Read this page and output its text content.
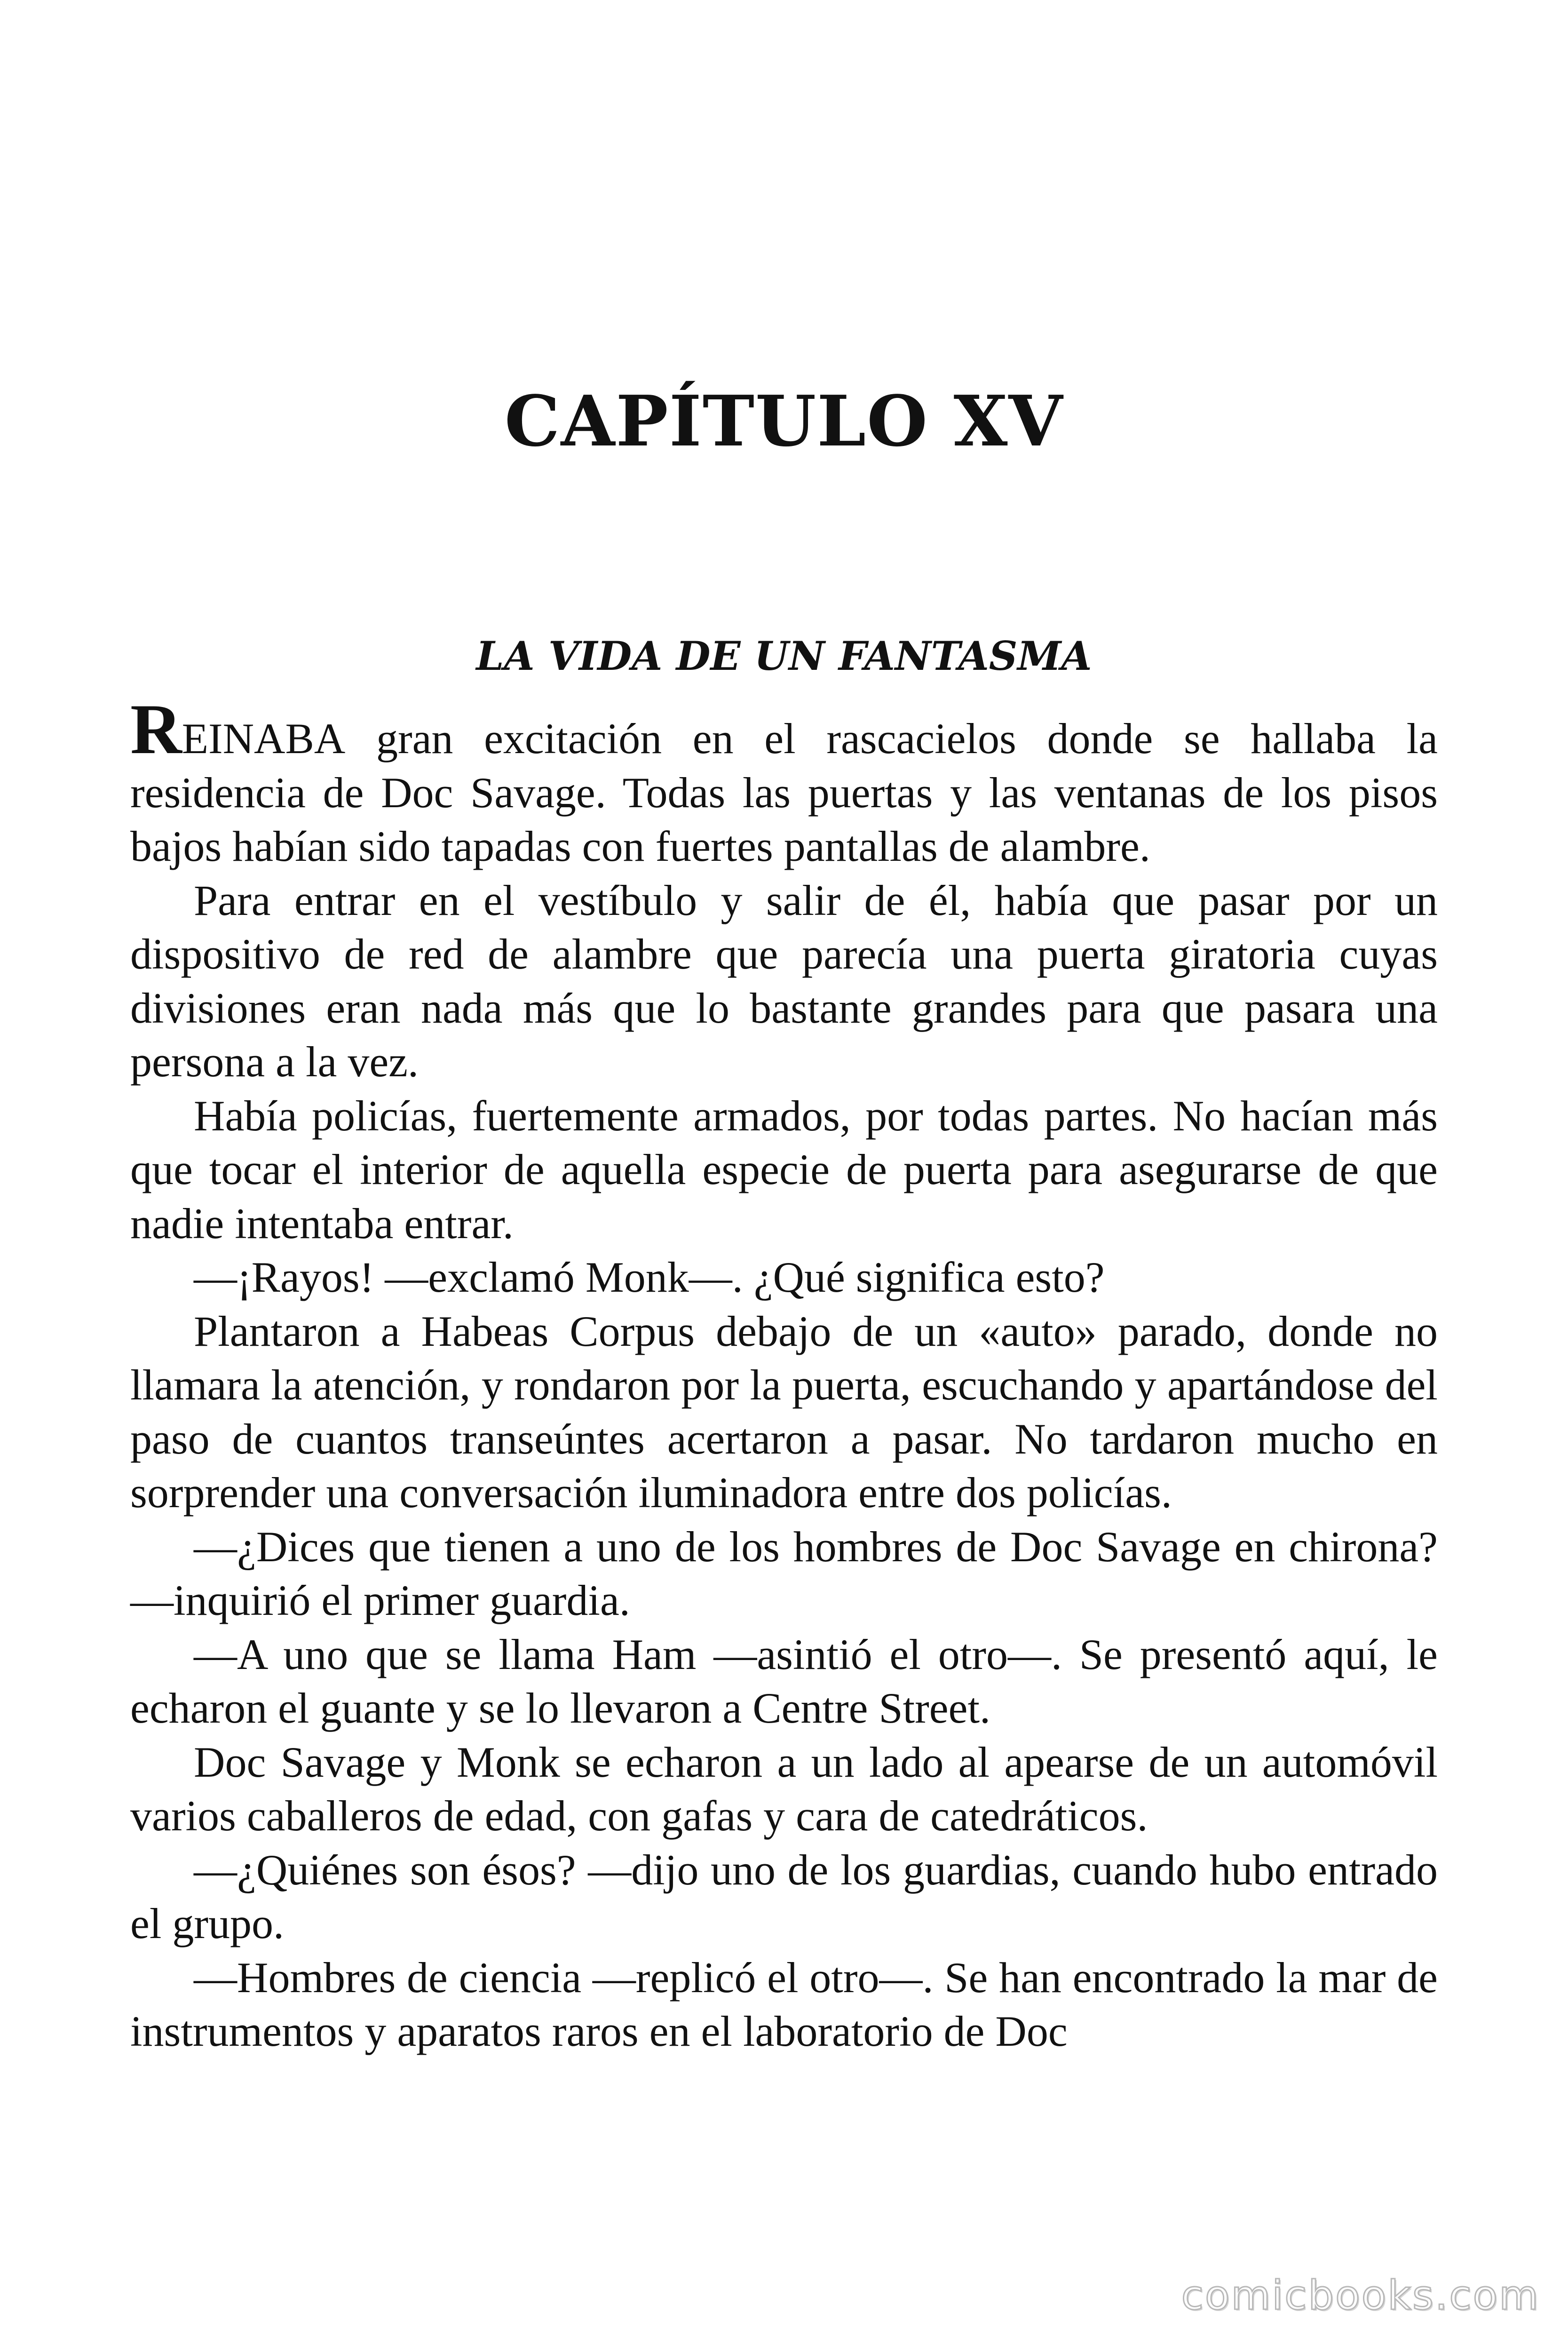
CAPÍTULO XV
LA VIDA DE UN FANTASMA

REINABA gran excitación en el rascacielos donde se hallaba la residencia de Doc Savage. Todas las puertas y las ventanas de los pisos bajos habían sido tapadas con fuertes pantallas de alambre.

Para entrar en el vestíbulo y salir de él, había que pasar por un dispositivo de red de alambre que parecía una puerta giratoria cuyas divisiones eran nada más que lo bastante grandes para que pasara una persona a la vez.

Había policías, fuertemente armados, por todas partes. No hacían más que tocar el interior de aquella especie de puerta para asegurarse de que nadie intentaba entrar.

—¡Rayos! —exclamó Monk—. ¿Qué significa esto?

Plantaron a Habeas Corpus debajo de un «auto» parado, donde no llamara la atención, y rondaron por la puerta, escuchando y apartándose del paso de cuantos transeúntes acertaron a pasar. No tardaron mucho en sorprender una conversación iluminadora entre dos policías.

—¿Dices que tienen a uno de los hombres de Doc Savage en chirona? —inquirió el primer guardia.

—A uno que se llama Ham —asintió el otro—. Se presentó aquí, le echaron el guante y se lo llevaron a Centre Street.

Doc Savage y Monk se echaron a un lado al apearse de un automóvil varios caballeros de edad, con gafas y cara de catedráticos.

—¿Quiénes son ésos? —dijo uno de los guardias, cuando hubo entrado el grupo.

—Hombres de ciencia —replicó el otro—. Se han encontrado la mar de instrumentos y aparatos raros en el laboratorio de Doc

comicbooks.com
